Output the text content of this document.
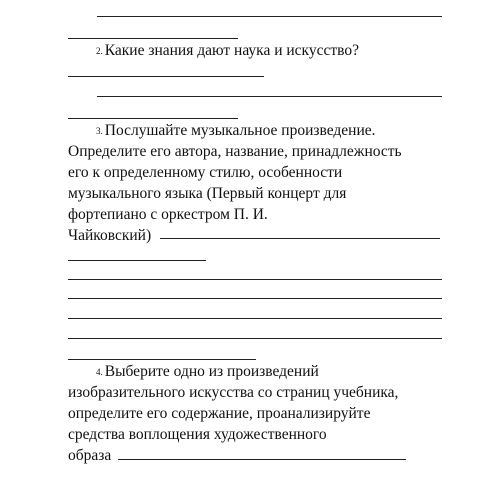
2. Какие знания дают наука и искусство?
3. Послушайте музыкальное произведение.
Определите его автора, название, принадлежность
его к определенному стилю, особенности
музыкального языка (Первый концерт для
фортепиано с оркестром П. И.
Чайковский)
4. Выберите одно из произведений
изобразительного искусства со страниц учебника,
определите его содержание, проанализируйте
средства воплощения художественного
образа
